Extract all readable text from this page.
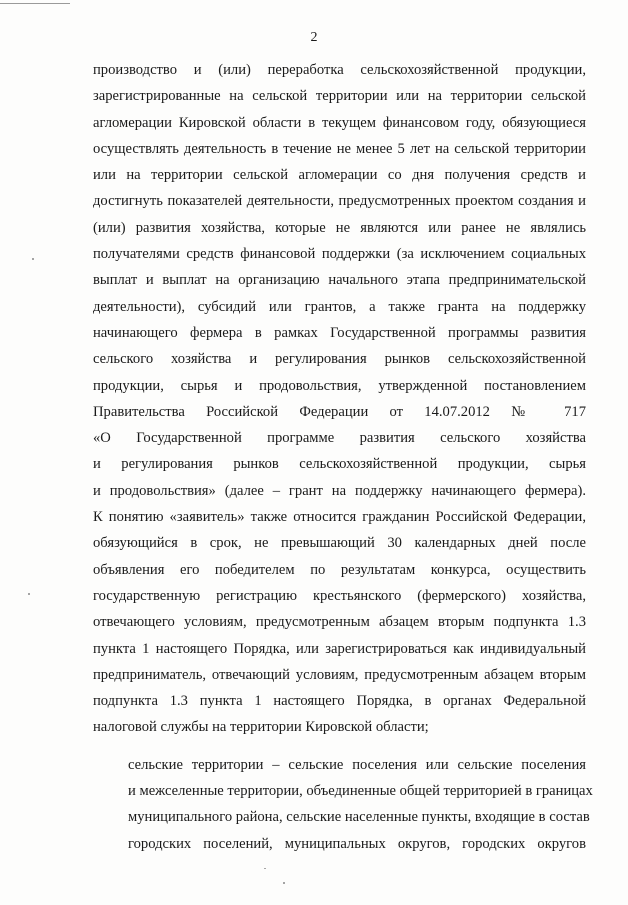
2

производство и (или) переработка сельскохозяйственной продукции,
зарегистрированные на сельской территории или на территории сельской
агломерации Кировской области в текущем финансовом году, обязующиеся
осуществлять деятельность в течение не менее 5 лет на сельской территории
или на территории сельской агломерации со дня получения средств и
достигнуть показателей деятельности, предусмотренных проектом создания и
(или) развития хозяйства, которые не являются или ранее не являлись
получателями средств финансовой поддержки (за исключением социальных
выплат и выплат на организацию начального этапа предпринимательской
деятельности), субсидий или грантов, а также гранта на поддержку
начинающего фермера в рамках Государственной программы развития
сельского хозяйства и регулирования рынков сельскохозяйственной
продукции, сырья и продовольствия, утвержденной постановлением
Правительства Российской Федерации от 14.07.2012 № 717
«О Государственной программе развития сельского хозяйства
и регулирования рынков сельскохозяйственной продукции, сырья
и продовольствия» (далее – грант на поддержку начинающего фермера).
К понятию «заявитель» также относится гражданин Российской Федерации,
обязующийся в срок, не превышающий 30 календарных дней после
объявления его победителем по результатам конкурса, осуществить
государственную регистрацию крестьянского (фермерского) хозяйства,
отвечающего условиям, предусмотренным абзацем вторым подпункта 1.3
пункта 1 настоящего Порядка, или зарегистрироваться как индивидуальный
предприниматель, отвечающий условиям, предусмотренным абзацем вторым
подпункта 1.3 пункта 1 настоящего Порядка, в органах Федеральной
налоговой службы на территории Кировской области;

сельские территории – сельские поселения или сельские поселения
и межселенные территории, объединенные общей территорией в границах
муниципального района, сельские населенные пункты, входящие в состав
городских поселений, муниципальных округов, городских округов
